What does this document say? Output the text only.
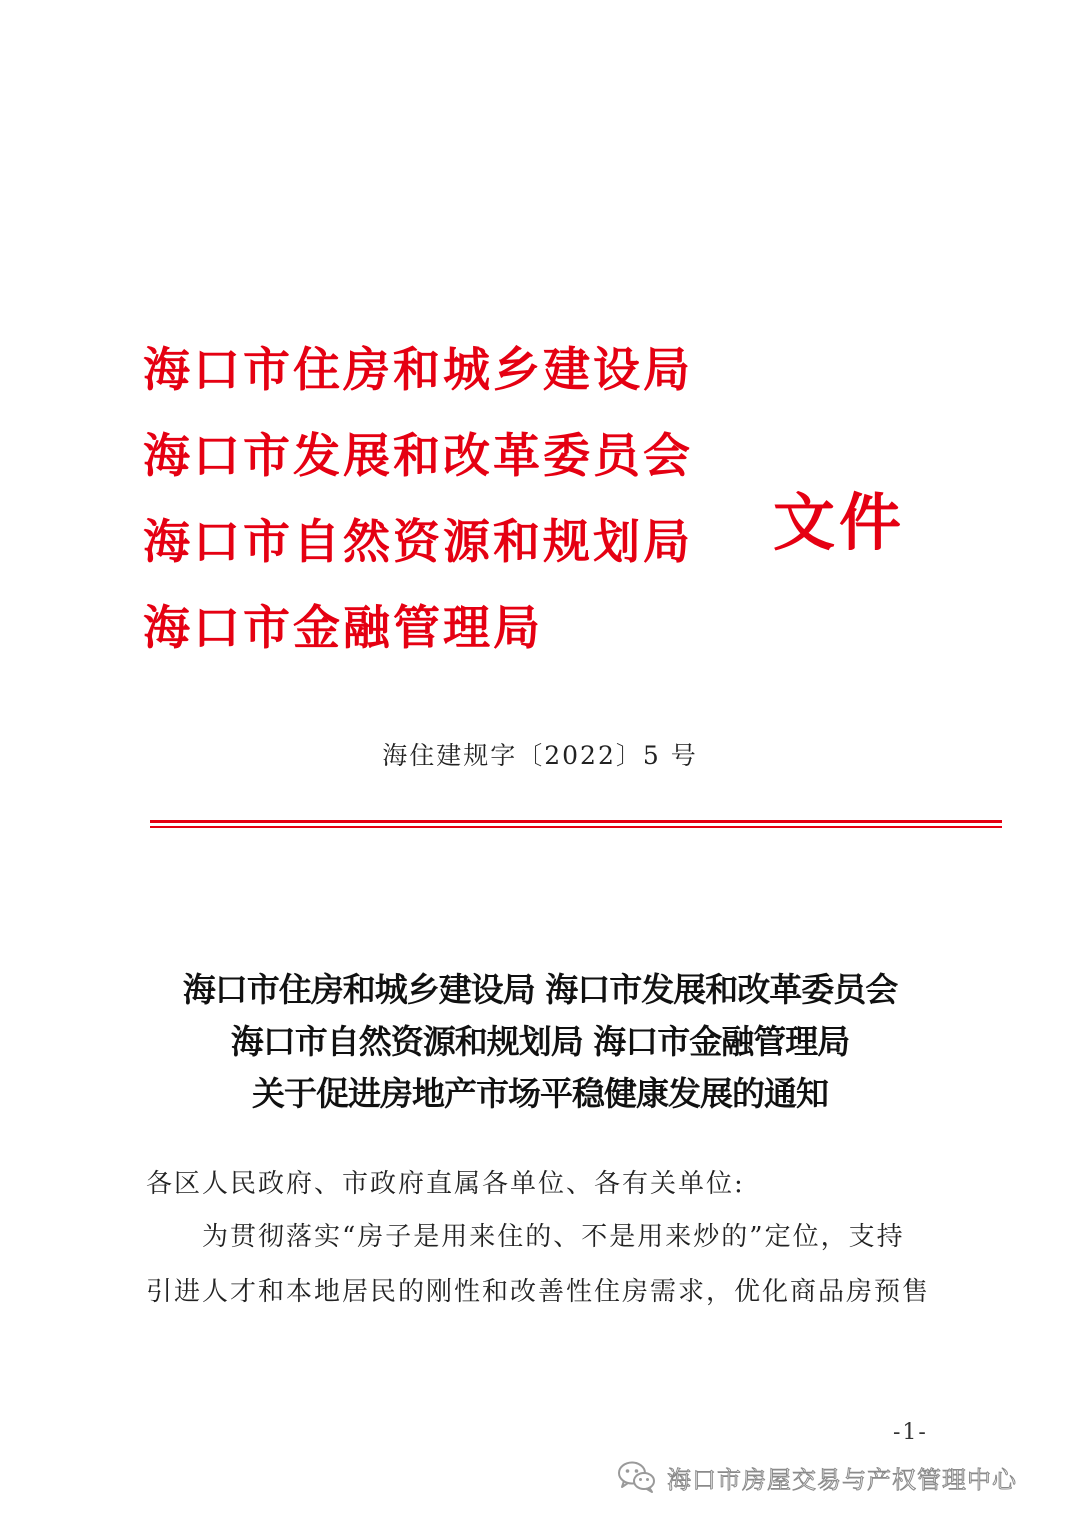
海口市住房和城乡建设局
海口市发展和改革委员会
海口市自然资源和规划局
海口市金融管理局
文件
海住建规字〔2022〕5 号
海口市住房和城乡建设局 海口市发展和改革委员会
海口市自然资源和规划局 海口市金融管理局
关于促进房地产市场平稳健康发展的通知
各区人民政府、市政府直属各单位、各有关单位:
为贯彻落实“房子是用来住的、不是用来炒的”定位，支持
引进人才和本地居民的刚性和改善性住房需求，优化商品房预售
-1-
海口市房屋交易与产权管理中心
